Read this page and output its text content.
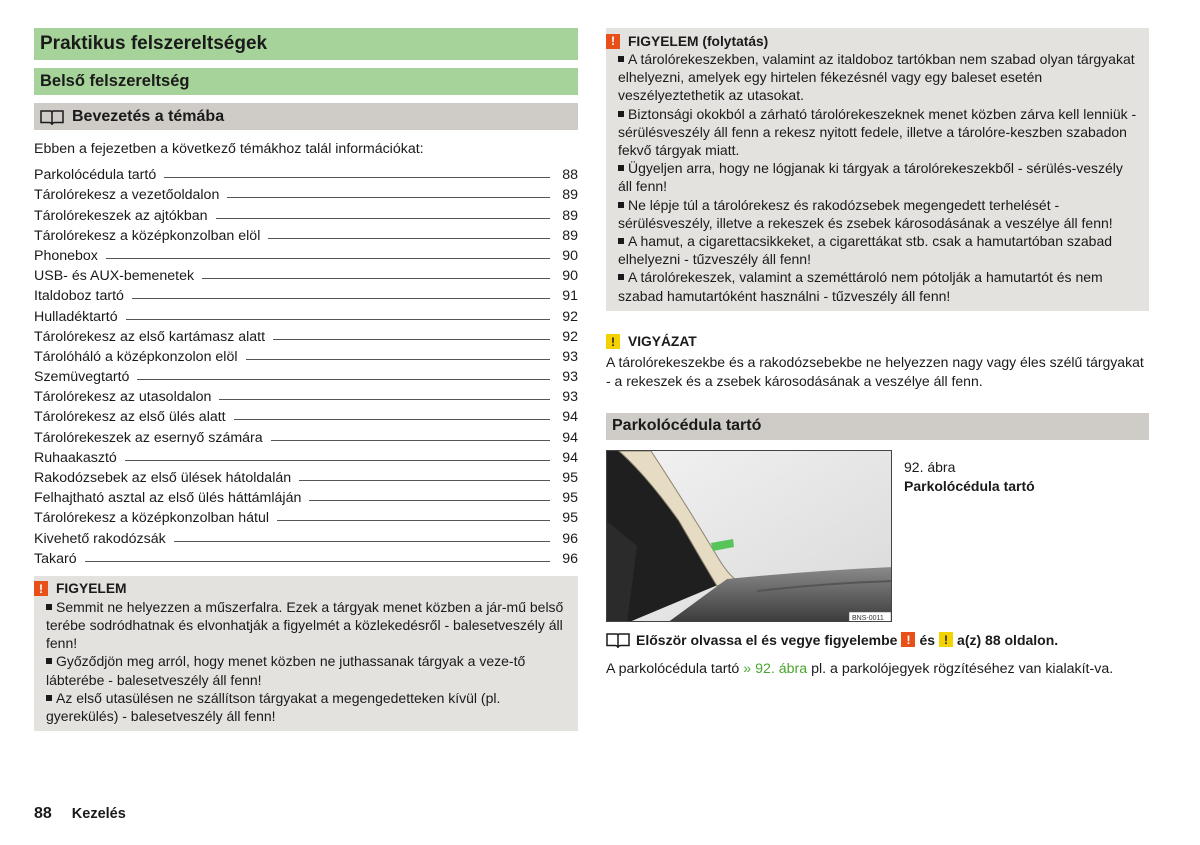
Praktikus felszereltségek
Belső felszereltség
Bevezetés a témába
Ebben a fejezetben a következő témákhoz talál információkat:
Parkolócédula tartó	88
Tárolórekesz a vezetőoldalon	89
Tárolórekeszek az ajtókban	89
Tárolórekesz a középkonzolban elöl	89
Phonebox	90
USB- és AUX-bemenetek	90
Italdoboz tartó	91
Hulladéktartó	92
Tárolórekesz az első kartámasz alatt	92
Tárolóháló a középkonzolon elöl	93
Szemüvegtartó	93
Tárolórekesz az utasoldalon	93
Tárolórekesz az első ülés alatt	94
Tárolórekeszek az esernyő számára	94
Ruhaakasztó	94
Rakodózsebek az első ülések hátoldalán	95
Felhajtható asztal az első ülés háttámláján	95
Tárolórekesz a középkonzolban hátul	95
Kivehető rakodózsák	96
Takaró	96
! FIGYELEM
Semmit ne helyezzen a műszerfalra. Ezek a tárgyak menet közben a jár-mű belső terébe sodródhatnak és elvonhatják a figyelmét a közlekedésről - balesetveszély áll fenn!
Győződjön meg arról, hogy menet közben ne juthassanak tárgyak a veze-tő lábterébe - balesetveszély áll fenn!
Az első utasülésen ne szállítson tárgyakat a megengedetteken kívül (pl. gyerekülés) - balesetveszély áll fenn!
! FIGYELEM (folytatás)
A tárolórekeszekben, valamint az italdoboz tartókban nem szabad olyan tárgyakat elhelyezni, amelyek egy hirtelen fékezésnél vagy egy baleset esetén veszélyeztethetik az utasokat.
Biztonsági okokból a zárható tárolórekeszeknek menet közben zárva kell lenniük - sérülésveszély áll fenn a rekesz nyitott fedele, illetve a tárolóre-keszben szabadon fekvő tárgyak miatt.
Ügyeljen arra, hogy ne lógjanak ki tárgyak a tárolórekeszekből - sérülés-veszély áll fenn!
Ne lépje túl a tárolórekesz és rakodózsebek megengedett terhelését - sérülésveszély, illetve a rekeszek és zsebek károsodásának a veszélye áll fenn!
A hamut, a cigarettacsikkeket, a cigarettákat stb. csak a hamutartóban szabad elhelyezni - tűzveszély áll fenn!
A tárolórekeszek, valamint a szeméttároló nem pótolják a hamutartót és nem szabad hamutartóként használni - tűzveszély áll fenn!
! VIGYÁZAT
A tárolórekeszekbe és a rakodózsebekbe ne helyezzen nagy vagy éles szélű tárgyakat - a rekeszek és a zsebek károsodásának a veszélye áll fenn.
Parkolócédula tartó
BNS-0011
92. ábra
Parkolócédula tartó
Először olvassa el és vegye figyelembe ! és ! a(z) 88 oldalon.
A parkolócédula tartó » 92. ábra pl. a parkolójegyek rögzítéséhez van kialakít-va.
88 Kezelés
